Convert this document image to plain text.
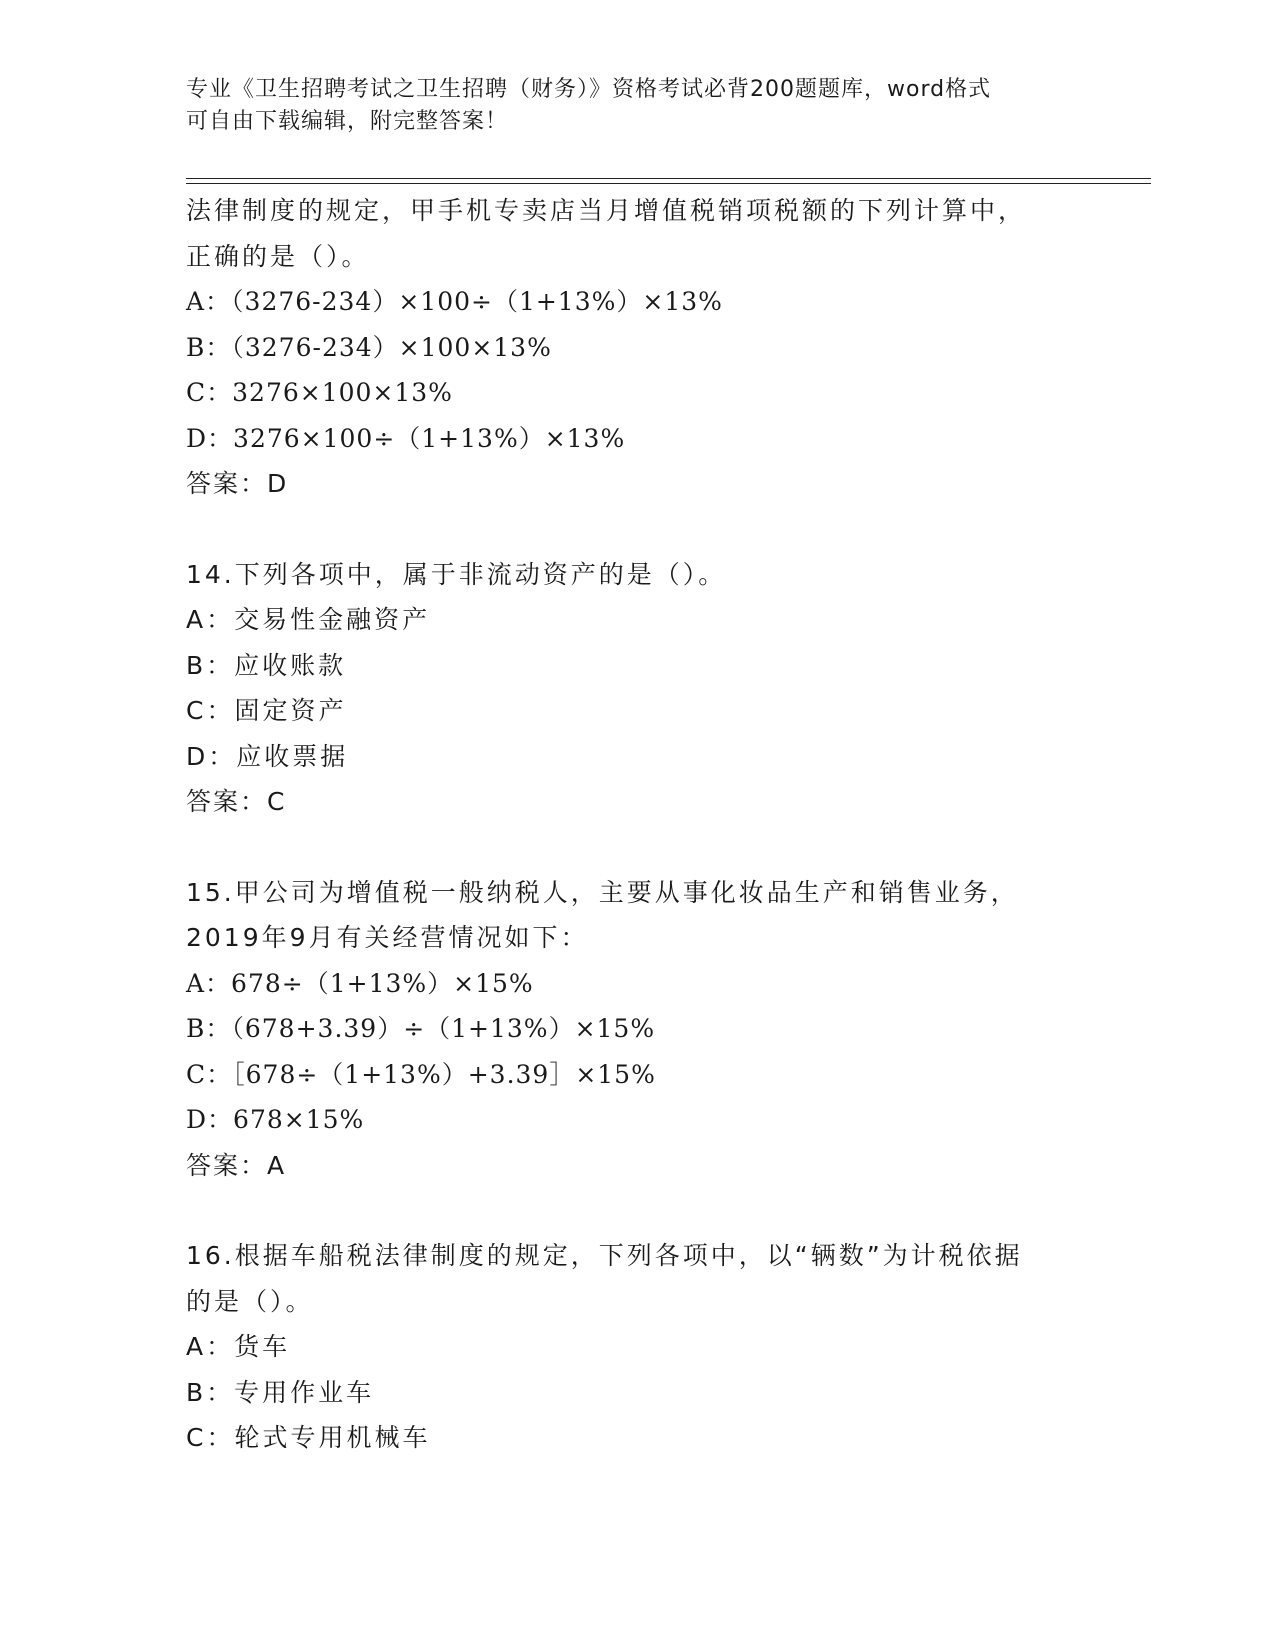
专业《卫生招聘考试之卫生招聘（财务）》资格考试必背200题题库，word格式
可自由下载编辑，附完整答案！
法律制度的规定，甲手机专卖店当月增值税销项税额的下列计算中，
正确的是（）。
A：（3276-234）×100÷（1+13%）×13%
B：（3276-234）×100×13%
C：3276×100×13%
D：3276×100÷（1+13%）×13%
答案：D
14.下列各项中，属于非流动资产的是（）。
A：交易性金融资产
B：应收账款
C：固定资产
D：应收票据
答案：C
15.甲公司为增值税一般纳税人，主要从事化妆品生产和销售业务，
2019年9月有关经营情况如下：
A：678÷（1+13%）×15%
B：（678+3.39）÷（1+13%）×15%
C：［678÷（1+13%）+3.39］×15%
D：678×15%
答案：A
16.根据车船税法律制度的规定，下列各项中，以“辆数”为计税依据
的是（）。
A：货车
B：专用作业车
C：轮式专用机械车
